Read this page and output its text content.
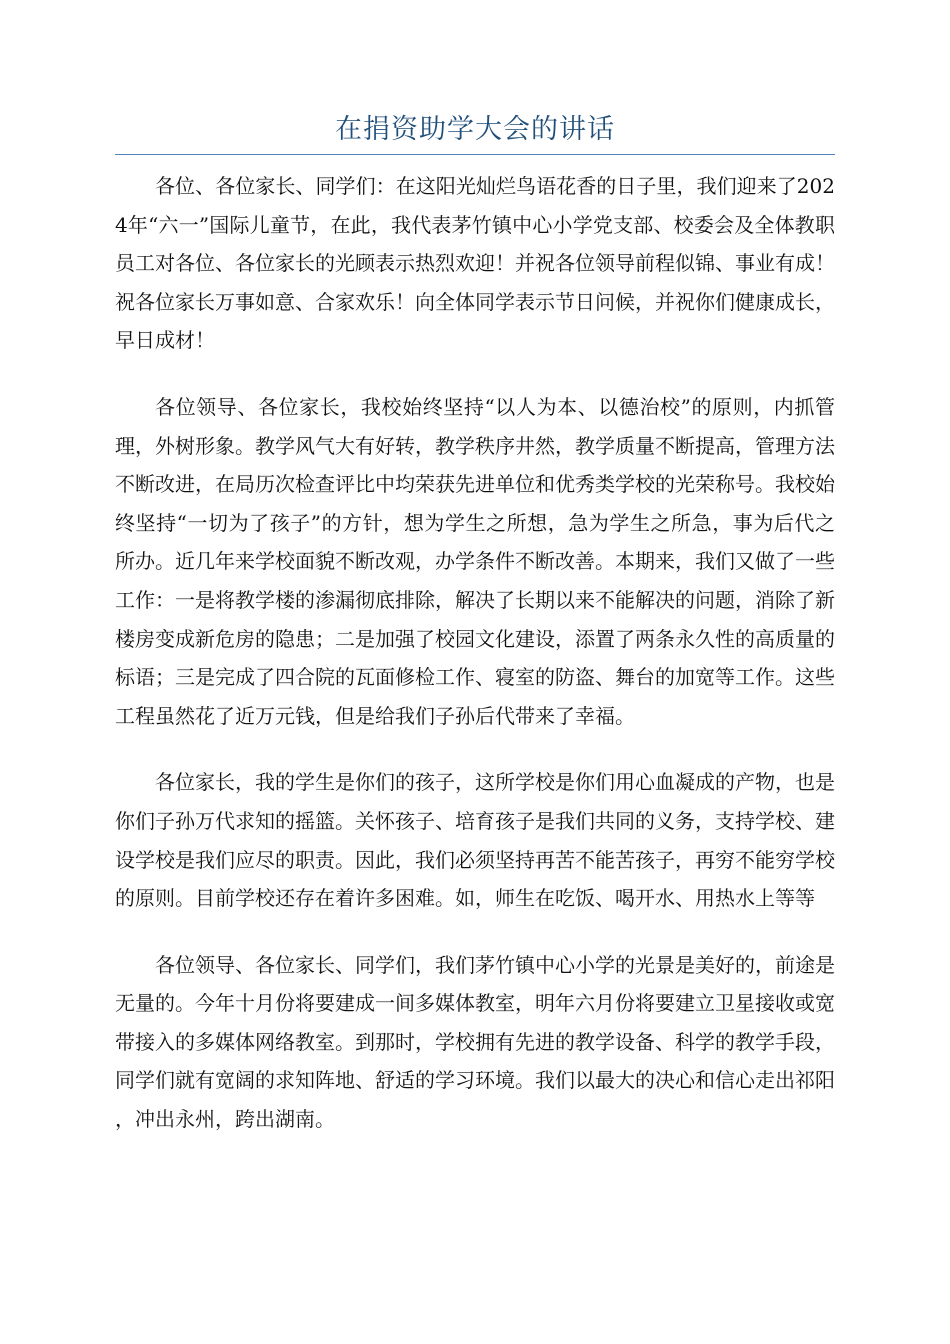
在捐资助学大会的讲话

各位、各位家长、同学们：在这阳光灿烂鸟语花香的日子里，我们迎来了2024年“六一”国际儿童节，在此，我代表茅竹镇中心小学党支部、校委会及全体教职员工对各位、各位家长的光顾表示热烈欢迎！并祝各位领导前程似锦、事业有成！祝各位家长万事如意、合家欢乐！向全体同学表示节日问候，并祝你们健康成长，早日成材！

各位领导、各位家长，我校始终坚持“以人为本、以德治校”的原则，内抓管理，外树形象。教学风气大有好转，教学秩序井然，教学质量不断提高，管理方法不断改进，在局历次检查评比中均荣获先进单位和优秀类学校的光荣称号。我校始终坚持“一切为了孩子”的方针，想为学生之所想，急为学生之所急，事为后代之所办。近几年来学校面貌不断改观，办学条件不断改善。本期来，我们又做了一些工作：一是将教学楼的渗漏彻底排除，解决了长期以来不能解决的问题，消除了新楼房变成新危房的隐患；二是加强了校园文化建设，添置了两条永久性的高质量的标语；三是完成了四合院的瓦面修检工作、寝室的防盗、舞台的加宽等工作。这些工程虽然花了近万元钱，但是给我们子孙后代带来了幸福。

各位家长，我的学生是你们的孩子，这所学校是你们用心血凝成的产物，也是你们子孙万代求知的摇篮。关怀孩子、培育孩子是我们共同的义务，支持学校、建设学校是我们应尽的职责。因此，我们必须坚持再苦不能苦孩子，再穷不能穷学校的原则。目前学校还存在着许多困难。如，师生在吃饭、喝开水、用热水上等等

各位领导、各位家长、同学们，我们茅竹镇中心小学的光景是美好的，前途是无量的。今年十月份将要建成一间多媒体教室，明年六月份将要建立卫星接收或宽带接入的多媒体网络教室。到那时，学校拥有先进的教学设备、科学的教学手段，同学们就有宽阔的求知阵地、舒适的学习环境。我们以最大的决心和信心走出祁阳，冲出永州，跨出湖南。
